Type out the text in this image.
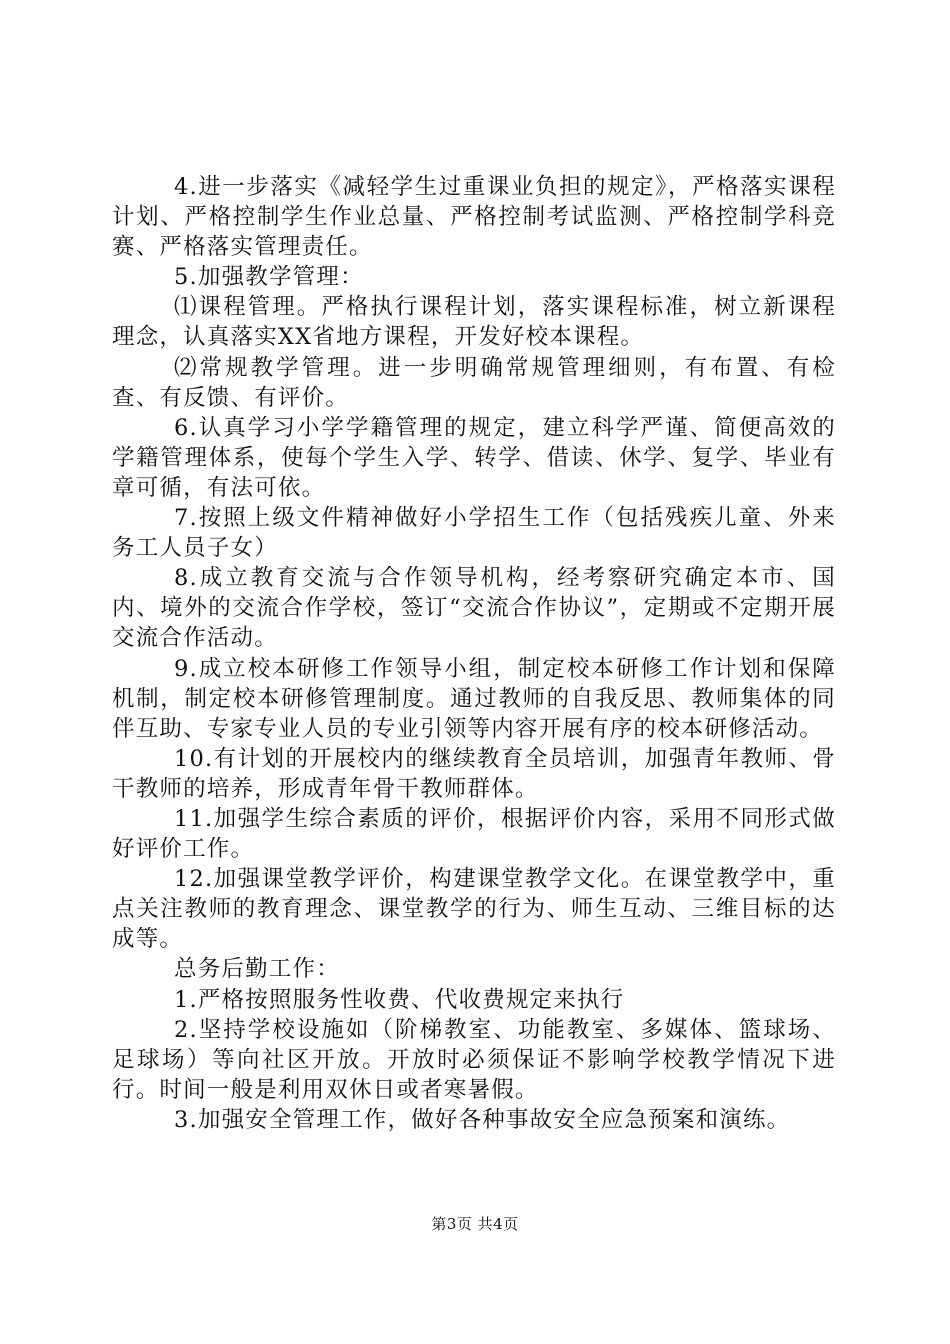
4.进一步落实《减轻学生过重课业负担的规定》，严格落实课程计划、严格控制学生作业总量、严格控制考试监测、严格控制学科竞赛、严格落实管理责任。

5.加强教学管理：

⑴课程管理。严格执行课程计划，落实课程标准，树立新课程理念，认真落实XX省地方课程，开发好校本课程。

⑵常规教学管理。进一步明确常规管理细则，有布置、有检查、有反馈、有评价。

6.认真学习小学学籍管理的规定，建立科学严谨、简便高效的学籍管理体系，使每个学生入学、转学、借读、休学、复学、毕业有章可循，有法可依。

7.按照上级文件精神做好小学招生工作（包括残疾儿童、外来务工人员子女）

8.成立教育交流与合作领导机构，经考察研究确定本市、国内、境外的交流合作学校，签订“交流合作协议”，定期或不定期开展交流合作活动。

9.成立校本研修工作领导小组，制定校本研修工作计划和保障机制，制定校本研修管理制度。通过教师的自我反思、教师集体的同伴互助、专家专业人员的专业引领等内容开展有序的校本研修活动。

10.有计划的开展校内的继续教育全员培训，加强青年教师、骨干教师的培养，形成青年骨干教师群体。

11.加强学生综合素质的评价，根据评价内容，采用不同形式做好评价工作。

12.加强课堂教学评价，构建课堂教学文化。在课堂教学中，重点关注教师的教育理念、课堂教学的行为、师生互动、三维目标的达成等。

总务后勤工作：

1.严格按照服务性收费、代收费规定来执行

2.坚持学校设施如（阶梯教室、功能教室、多媒体、篮球场、足球场）等向社区开放。开放时必须保证不影响学校教学情况下进行。时间一般是利用双休日或者寒暑假。

3.加强安全管理工作，做好各种事故安全应急预案和演练。

第3页 共4页
